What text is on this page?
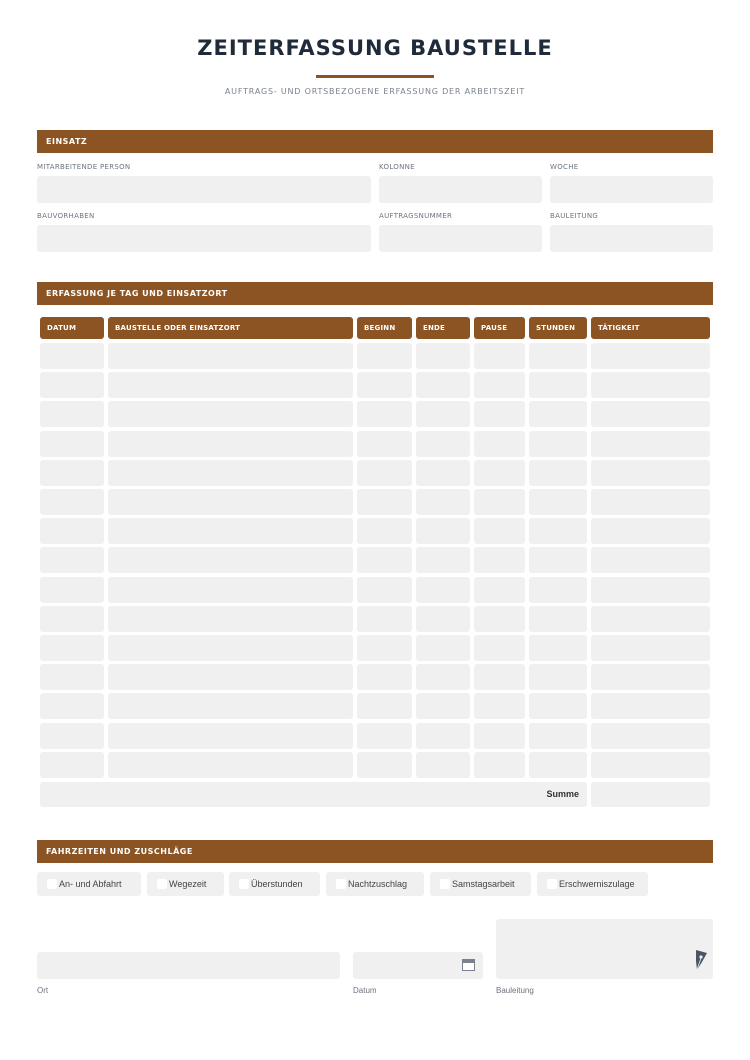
ZEITERFASSUNG BAUSTELLE
AUFTRAGS- UND ORTSBEZOGENE ERFASSUNG DER ARBEITSZEIT
EINSATZ
MITARBEITENDE PERSON	KOLONNE	WOCHE
BAUVORHABEN	AUFTRAGSNUMMER	BAULEITUNG
ERFASSUNG JE TAG UND EINSATZORT
DATUM	BAUSTELLE ODER EINSATZORT	BEGINN	ENDE	PAUSE	STUNDEN	TÄTIGKEIT
Summe
FAHRZEITEN UND ZUSCHLÄGE
An- und Abfahrt	Wegezeit	Überstunden	Nachtzuschlag	Samstagsarbeit	Erschwerniszulage
Ort	Datum	Bauleitung
